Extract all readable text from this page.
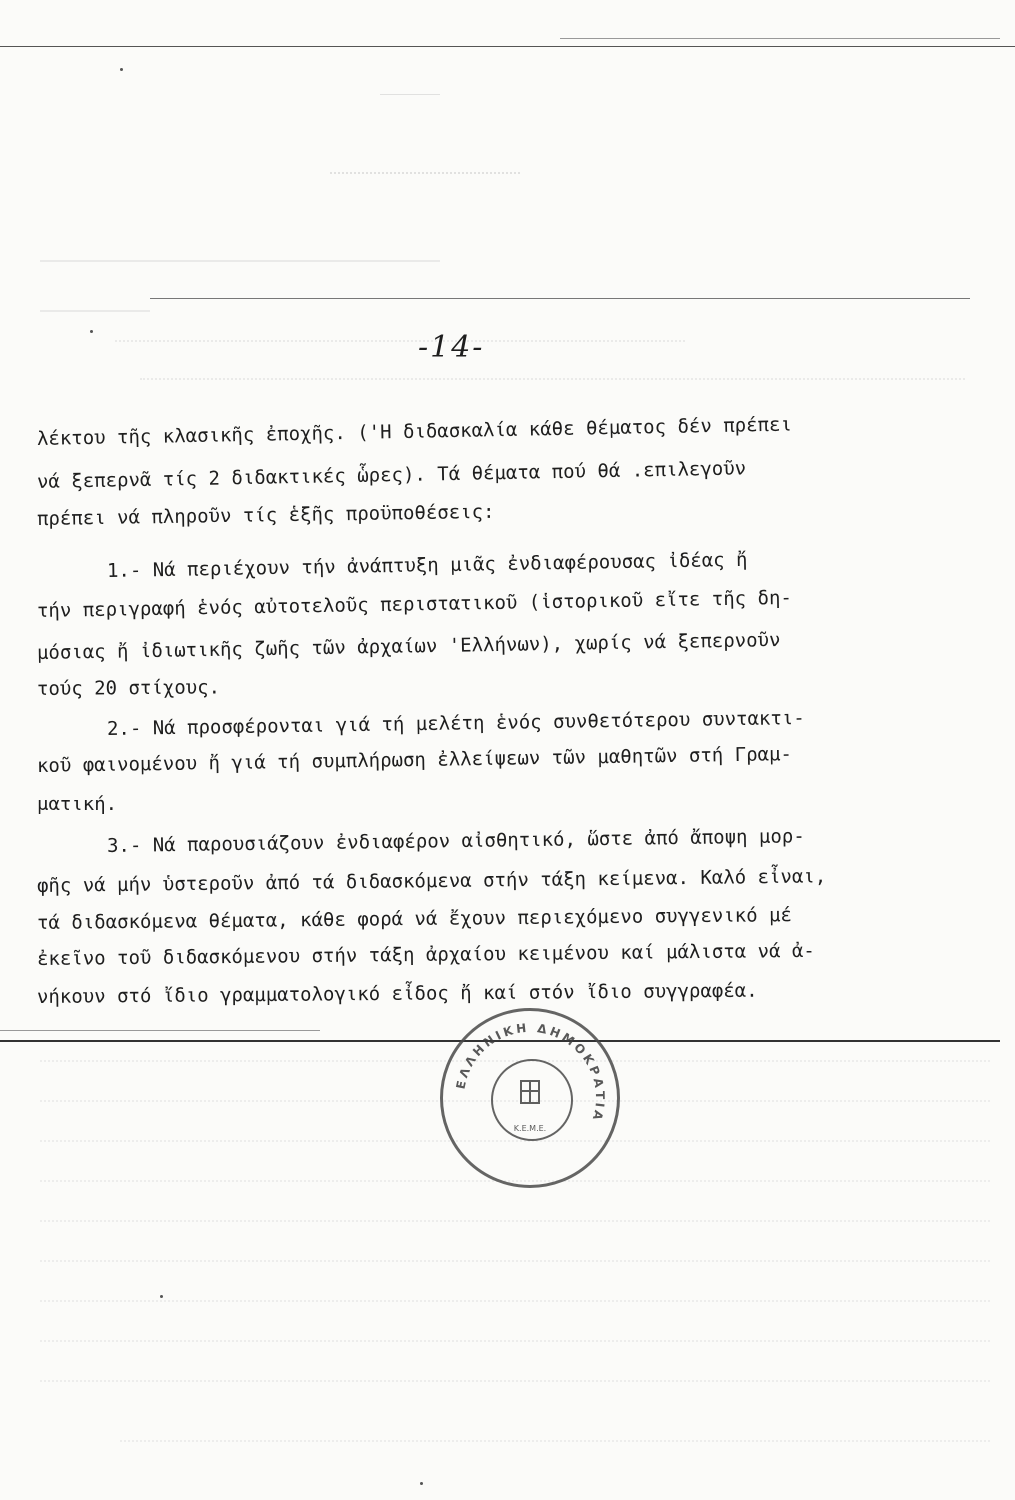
-14-
λέκτου τῆς κλασικῆς ἐποχῆς. ('Η διδασκαλία κάθε θέματος δέν πρέπει
νά ξεπερνᾶ τίς 2 διδακτικές ὧρες). Τά θέματα πού θά .επιλεγοῦν
πρέπει νά πληροῦν τίς ἑξῆς προϋποθέσεις:
1.- Νά περιέχουν τήν ἀνάπτυξη μιᾶς ἐνδιαφέρουσας ἰδέας ἤ
τήν περιγραφή ἑνός αὐτοτελοῦς περιστατικοῦ (ἱστορικοῦ εἴτε τῆς δη-
μόσιας ἤ ἰδιωτικῆς ζωῆς τῶν ἀρχαίων 'Ελλήνων), χωρίς νά ξεπερνοῦν
τούς 20 στίχους.
2.- Νά προσφέρονται γιά τή μελέτη ἑνός συνθετότερου συντακτι-
κοῦ φαινομένου ἤ γιά τή συμπλήρωση ἐλλείψεων τῶν μαθητῶν στή Γραμ-
ματική.
3.- Νά παρουσιάζουν ἐνδιαφέρον αἰσθητικό, ὥστε ἀπό ἄποψη μορ-
φῆς νά μήν ὑστεροῦν ἀπό τά διδασκόμενα στήν τάξη κείμενα. Καλό εἶναι,
τά διδασκόμενα θέματα, κάθε φορά νά ἔχουν περιεχόμενο συγγενικό μέ
ἐκεῖνο τοῦ διδασκόμενου στήν τάξη ἀρχαίου κειμένου καί μάλιστα νά ἀ-
νήκουν στό ἴδιο γραμματολογικό εἶδος ἤ καί στόν ἴδιο συγγραφέα.
ΕΛΛΗΝΙΚΗ ΔΗΜΟΚΡΑΤΙΑ
Κ.Ε.Μ.Ε.
